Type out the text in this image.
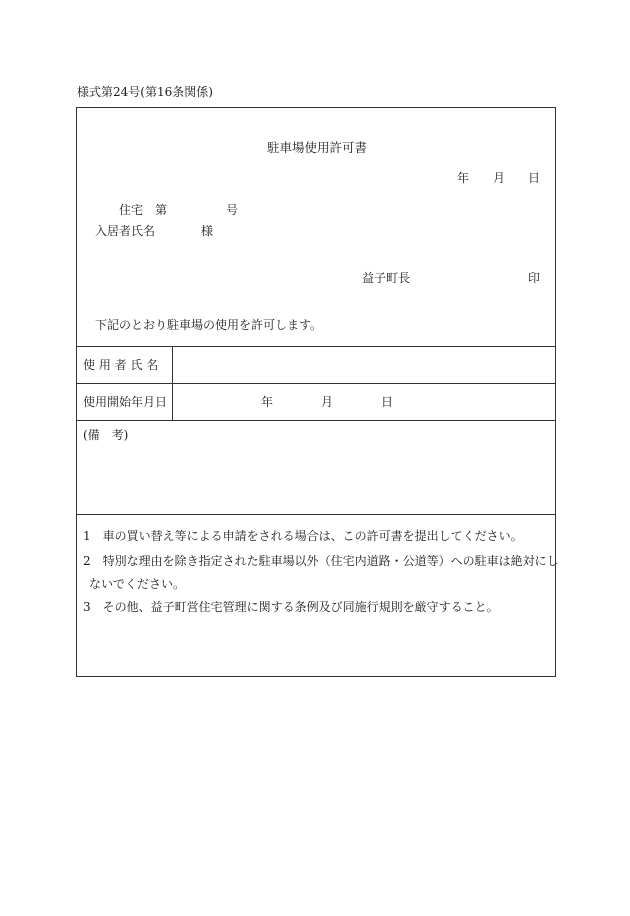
様式第24号(第16条関係)
駐車場使用許可書
年 月 日
住宅 第	号
入居者氏名	様
益子町長	印
下記のとおり駐車場の使用を許可します。
使 用 者 氏 名
使用開始年月日	年	月	日
(備　考)
1　車の買い替え等による申請をされる場合は、この許可書を提出してください。
2　特別な理由を除き指定された駐車場以外（住宅内道路・公道等）への駐車は絶対にし
ないでください。
3　その他、益子町営住宅管理に関する条例及び同施行規則を厳守すること。
